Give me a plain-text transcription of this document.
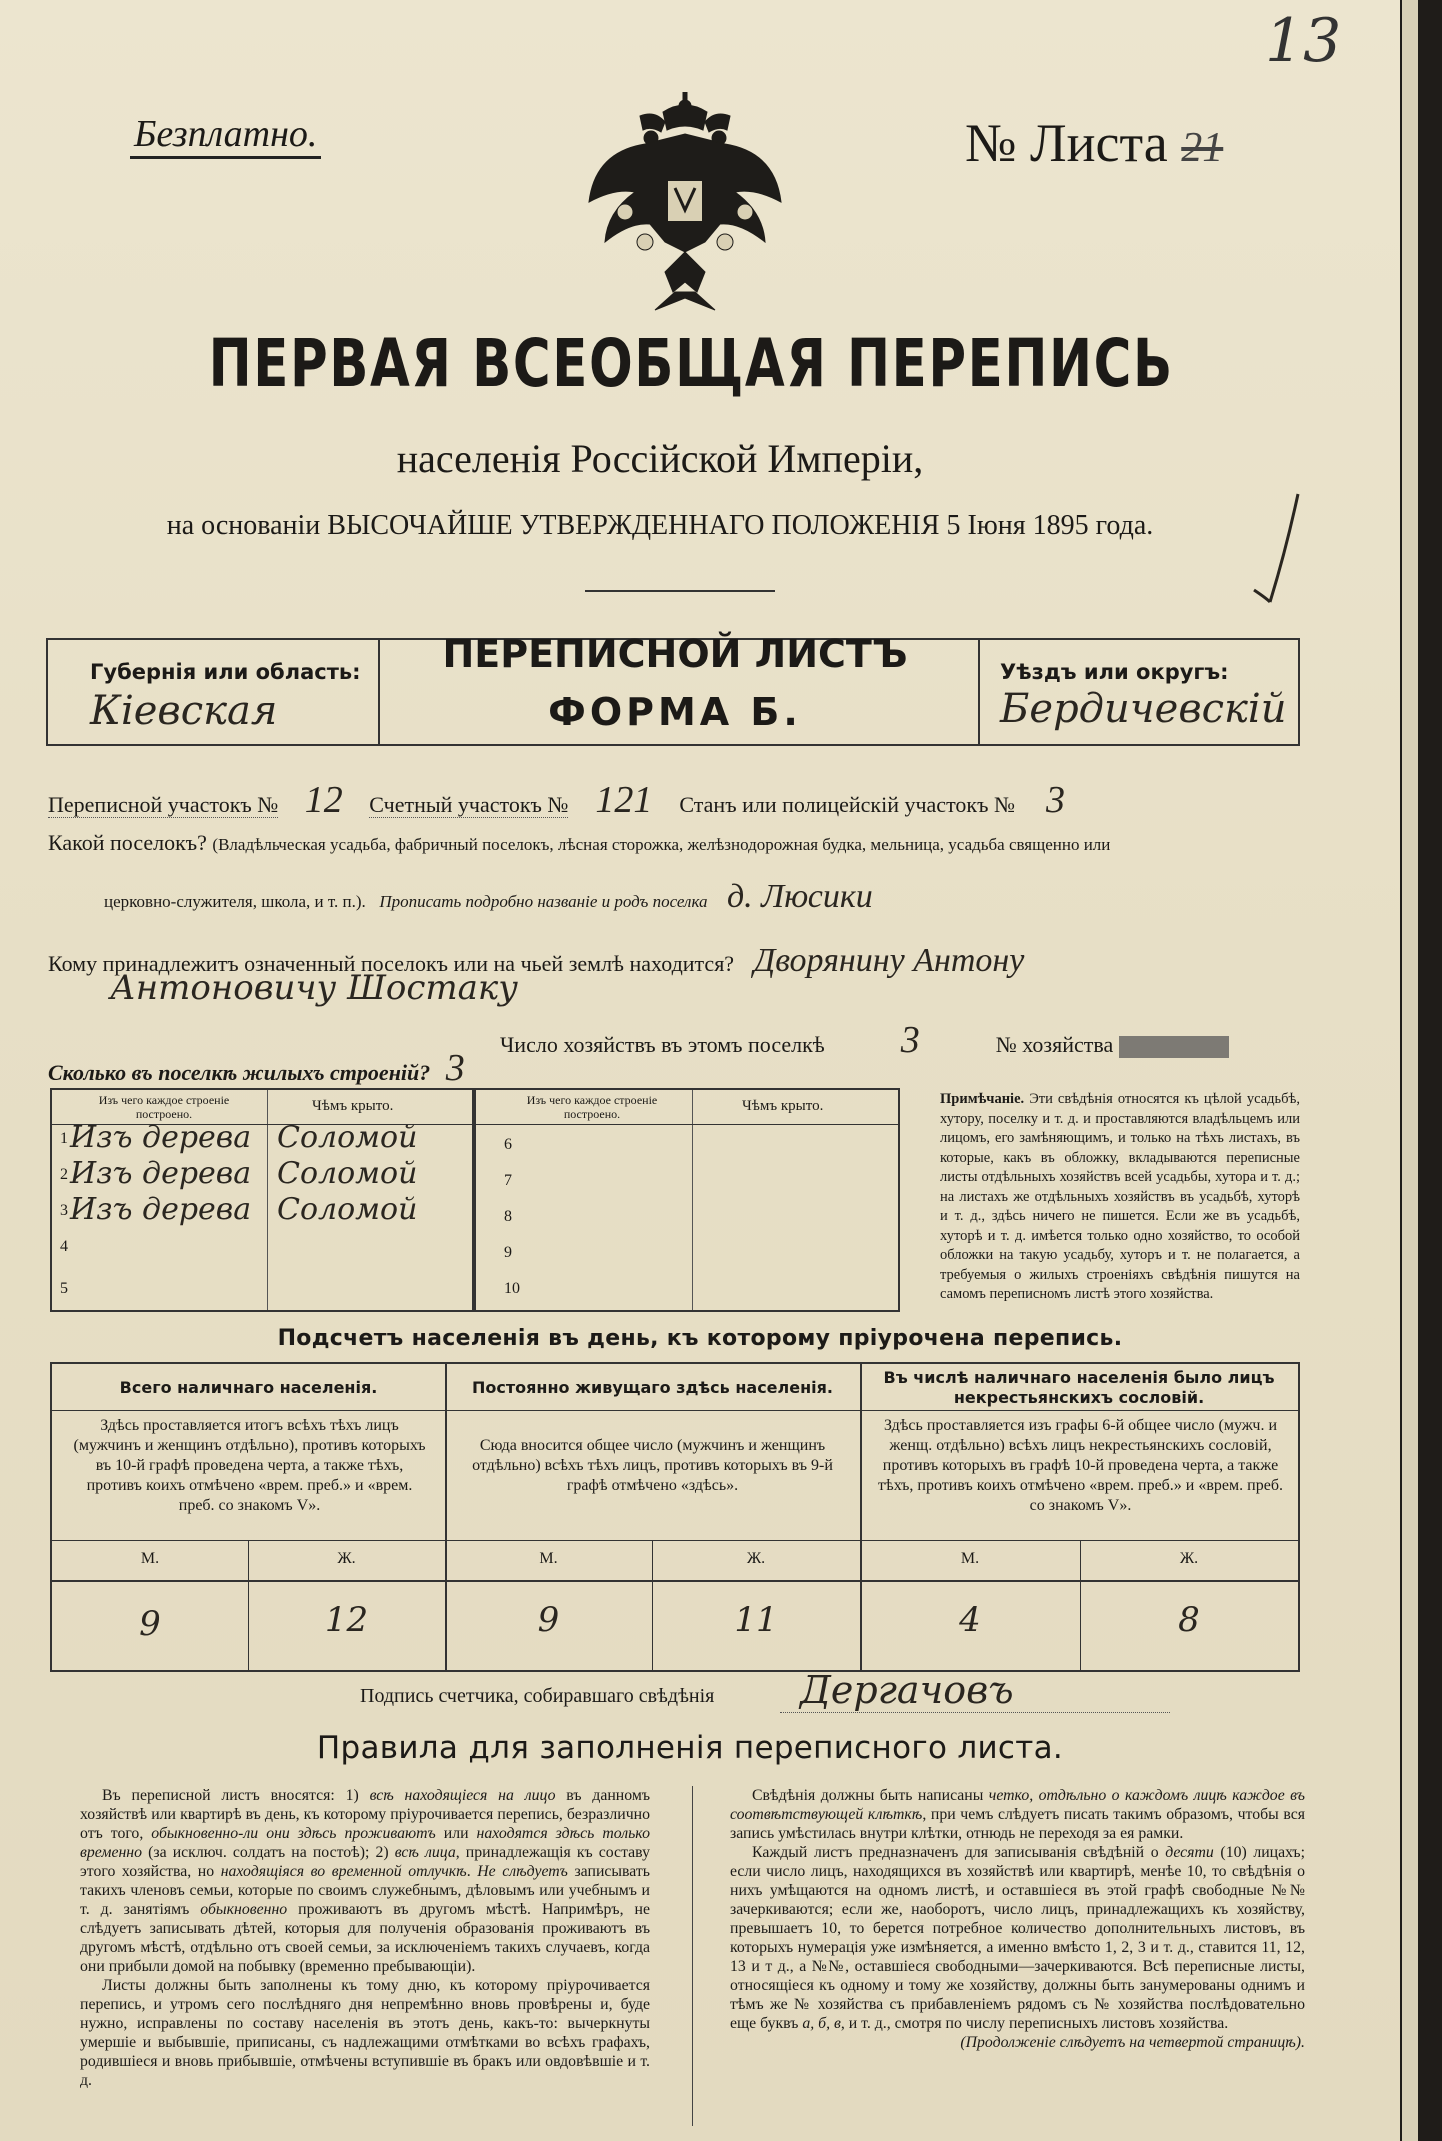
Безплатно.
13
№ Листа 21
ПЕРВАЯ ВСЕОБЩАЯ ПЕРЕПИСЬ
населенія Россійской Имперіи,
на основаніи ВЫСОЧАЙШЕ УТВЕРЖДЕННАГО ПОЛОЖЕНІЯ 5 Іюня 1895 года.
Губернія или область:
Кіевская
ПЕРЕПИСНОЙ ЛИСТЪ
ФОРМА Б.
Уѣздъ или округъ:
Бердичевскій
Переписной участокъ № 12 Счетный участокъ № 121 Станъ или полицейскій участокъ № 3
Какой поселокъ? (Владѣльческая усадьба, фабричный поселокъ, лѣсная сторожка, желѣзнодорожная будка, мельница, усадьба священно или
церковно-служителя, школа, и т. п.). Прописать подробно названіе и родъ поселка д. Люсики
Кому принадлежитъ означенный поселокъ или на чьей землѣ находится? Дворянину Антону
Антоновичу Шостаку
Число хозяйствъ въ этомъ поселкѣ 3	№ хозяйства
Сколько въ поселкѣ жилыхъ строеній? 3
Изъ чего каждое строеніе построено.	Чѣмъ крыто.	Изъ чего каждое строеніе построено.	Чѣмъ крыто.
1 Изъ дерева Соломой
2 Изъ дерева Соломой
3 Изъ дерева Соломой
4
5
6
7
8
9
10
Примѣчаніе. Эти свѣдѣнія относятся къ цѣлой усадьбѣ, хутору, поселку и т. д. и проставляются владѣльцемъ или лицомъ, его замѣняющимъ, и только на тѣхъ листахъ, въ которые, какъ въ обложку, вкладываются переписные листы отдѣльныхъ хозяйствъ всей усадьбы, хутора и т. д.; на листахъ же отдѣльныхъ хозяйствъ въ усадьбѣ, хуторѣ и т. д., здѣсь ничего не пишется. Если же въ усадьбѣ, хуторѣ и т. д. имѣется только одно хозяйство, то особой обложки на такую усадьбу, хуторъ и т. не полагается, а требуемыя о жилыхъ строеніяхъ свѣдѣнія пишутся на самомъ переписномъ листѣ этого хозяйства.
Подсчетъ населенія въ день, къ которому пріурочена перепись.
Всего наличнаго населенія.
Здѣсь проставляется итогъ всѣхъ тѣхъ лицъ (мужчинъ и женщинъ отдѣльно), противъ которыхъ въ 10-й графѣ проведена черта, а также тѣхъ, противъ коихъ отмѣчено «врем. преб.» и «врем. преб. со знакомъ V».
М.	Ж.
9	12
Постоянно живущаго здѣсь населенія.
Сюда вносится общее число (мужчинъ и женщинъ отдѣльно) всѣхъ тѣхъ лицъ, противъ которыхъ въ 9-й графѣ отмѣчено «здѣсь».
М.	Ж.
9	11
Въ числѣ наличнаго населенія было лицъ некрестьянскихъ сословій.
Здѣсь проставляется изъ графы 6-й общее число (мужч. и женщ. отдѣльно) всѣхъ лицъ некрестьянскихъ сословій, противъ которыхъ въ графѣ 10-й проведена черта, а также тѣхъ, противъ коихъ отмѣчено «врем. преб.» и «врем. преб. со знакомъ V».
М.	Ж.
4	8
Подпись счетчика, собиравшаго свѣдѣнія Дергачовъ
Правила для заполненія переписного листа.

Въ переписной листъ вносятся: 1) всѣ находящіеся на лицо въ данномъ хозяйствѣ или квартирѣ въ день, къ которому пріурочивается перепись, безразлично отъ того, обыкновенно-ли они здѣсь проживаютъ или находятся здѣсь только временно (за исключ. солдатъ на постоѣ); 2) всѣ лица, принадлежащія къ составу этого хозяйства, но находящіяся во временной отлучкѣ. Не слѣдуетъ записывать такихъ членовъ семьи, которые по своимъ служебнымъ, дѣловымъ или учебнымъ и т. д. занятіямъ обыкновенно проживаютъ въ другомъ мѣстѣ. Напримѣръ, не слѣдуетъ записывать дѣтей, которыя для полученія образованія проживаютъ въ другомъ мѣстѣ, отдѣльно отъ своей семьи, за исключеніемъ такихъ случаевъ, когда они прибыли домой на побывку (временно пребывающіи).

Листы должны быть заполнены къ тому дню, къ которому пріурочивается перепись, и утромъ сего послѣдняго дня непремѣнно вновь провѣрены и, буде нужно, исправлены по составу населенія въ этотъ день, какъ-то: вычеркнуты умершіе и выбывшіе, приписаны, съ надлежащими отмѣтками во всѣхъ графахъ, родившіеся и вновь прибывшіе, отмѣчены вступившіе въ бракъ или овдовѣвшіе и т. д.

Свѣдѣнія должны быть написаны четко, отдѣльно о каждомъ лицѣ каждое въ соотвѣтствующей клѣткѣ, при чемъ слѣдуетъ писать такимъ образомъ, чтобы вся запись умѣстилась внутри клѣтки, отнюдь не переходя за ея рамки.

Каждый листъ предназначенъ для записыванія свѣдѣній о десяти (10) лицахъ; если число лицъ, находящихся въ хозяйствѣ или квартирѣ, менѣе 10, то свѣдѣнія о нихъ умѣщаются на одномъ листѣ, и оставшіеся въ этой графѣ свободные №№ зачеркиваются; если же, наоборотъ, число лицъ, принадлежащихъ къ хозяйству, превышаетъ 10, то берется потребное количество дополнительныхъ листовъ, въ которыхъ нумерація уже измѣняется, а именно вмѣсто 1, 2, 3 и т. д., ставится 11, 12, 13 и т д., а №№, оставшіеся свободными—зачеркиваются. Всѣ переписные листы, относящіеся къ одному и тому же хозяйству, должны быть занумерованы однимъ и тѣмъ же № хозяйства съ прибавленіемъ рядомъ съ № хозяйства послѣдовательно еще буквъ а, б, в, и т. д., смотря по числу переписныхъ листовъ хозяйства.

(Продолженіе слѣдуетъ на четвертой страницѣ).
